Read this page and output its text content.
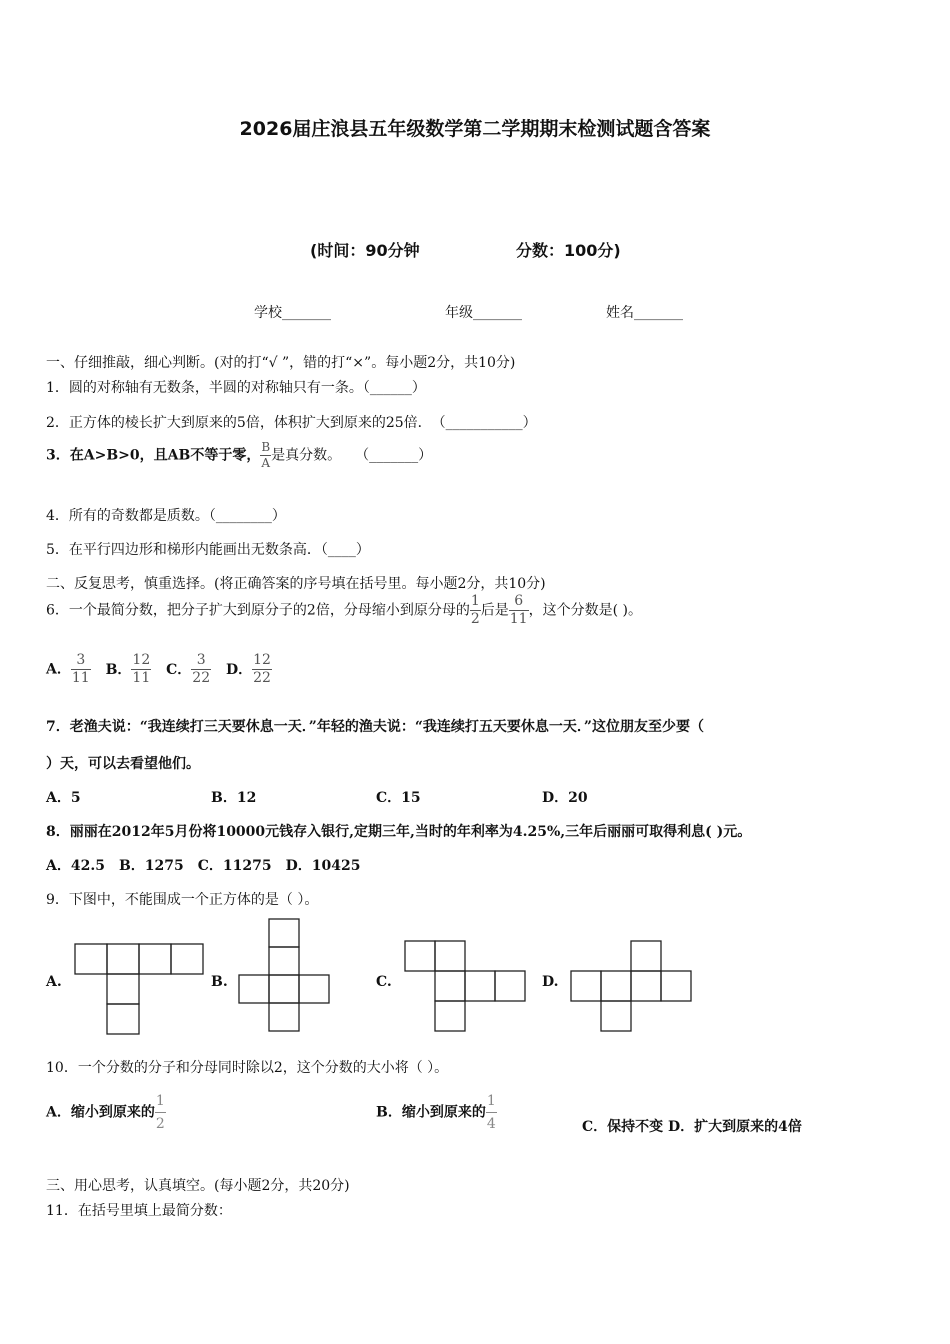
2026届庄浪县五年级数学第二学期期末检测试题含答案
(时间：90分钟	分数：100分)
学校_______	年级_______	姓名_______
一、仔细推敲，细心判断。(对的打“√ ”，错的打“×”。每小题2分，共10分)
1．圆的对称轴有无数条，半圆的对称轴只有一条。（______）
2．正方体的棱长扩大到原来的5倍，体积扩大到原来的25倍．　（___________）
3．在A>B>0，且AB不等于零， $\frac{B}{A}$ 是真分数。　　（_______）
4．所有的奇数都是质数。（________）
5．在平行四边形和梯形内能画出无数条高．（____）
二、反复思考，慎重选择。(将正确答案的序号填在括号里。每小题2分，共10分)
6．一个最简分数，把分子扩大到原分子的2倍，分母缩小到原分母的 $\frac{1}{2}$ 后是 $\frac{6}{11}$ ，这个分数是( )。
A． $\frac{3}{11}$ B． $\frac{12}{11}$ C． $\frac{3}{22}$ D． $\frac{12}{22}$
7．老渔夫说：“我连续打三天要休息一天．”年轻的渔夫说：“我连续打五天要休息一天．”这位朋友至少要（
）天，可以去看望他们。
A．5	B．12	C．15	D．20
8．丽丽在2012年5月份将10000元钱存入银行,定期三年,当时的年利率为4.25%,三年后丽丽可取得利息( )元。
A．42.5　B．1275　C．11275　D．10425
9．下图中，不能围成一个正方体的是（ ）。
A.	B.	C.	D.
10．一个分数的分子和分母同时除以2，这个分数的大小将（ ）。
A．缩小到原来的 $\frac{1}{2}$	B．缩小到原来的 $\frac{1}{4}$	C．保持不变 D．扩大到原来的4倍
三、用心思考，认真填空。(每小题2分，共20分)
11．在括号里填上最简分数：
